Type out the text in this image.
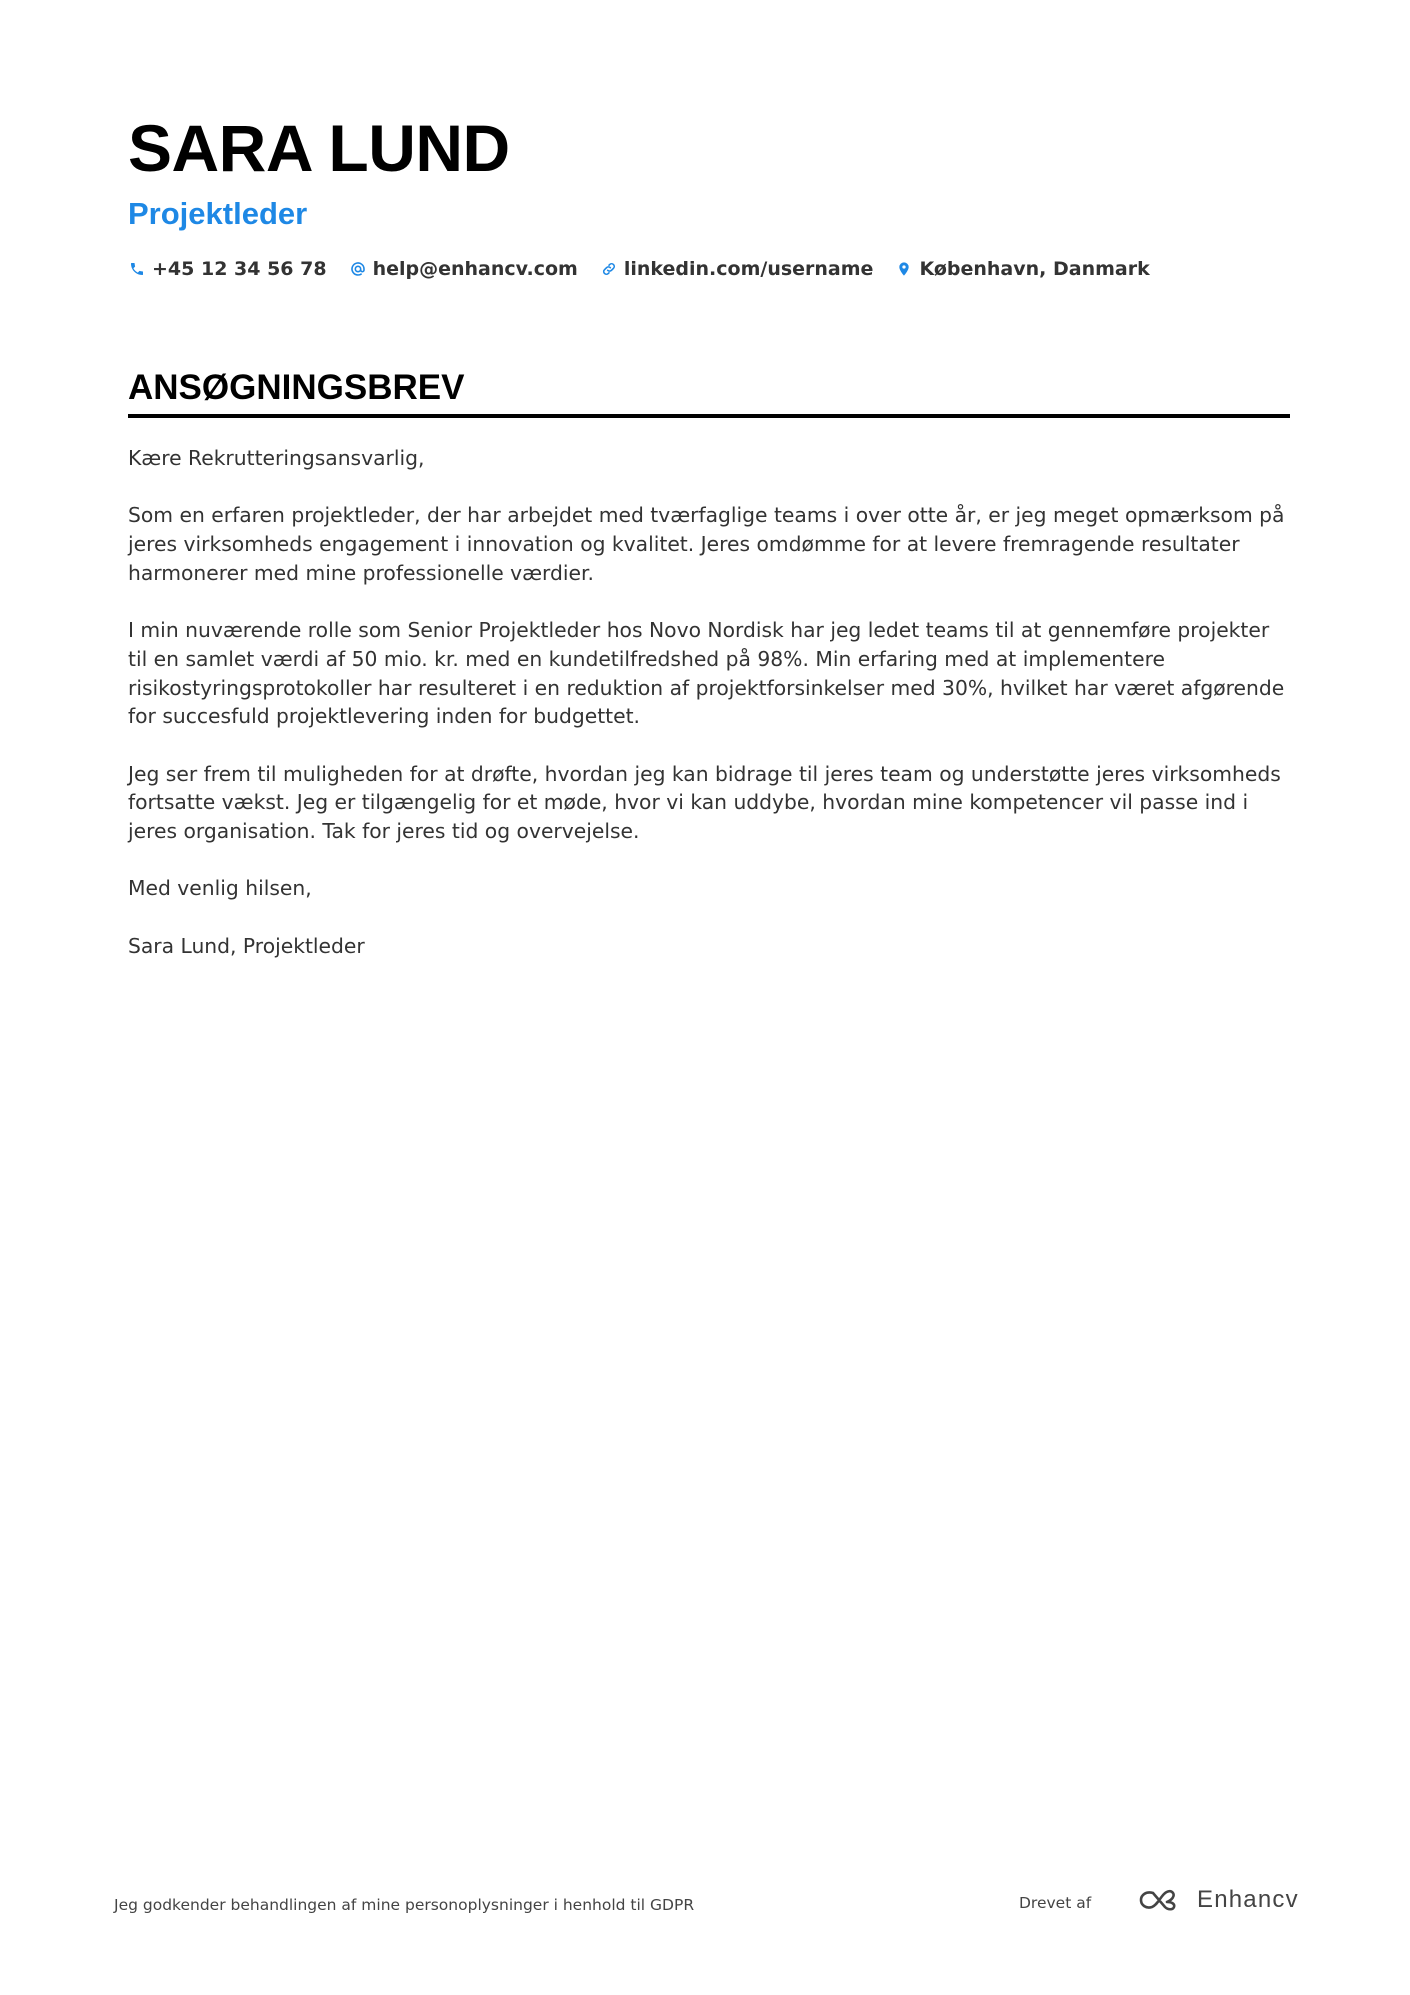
SARA LUND
Projektleder
+45 12 34 56 78 help@enhancv.com linkedin.com/username København, Danmark
ANSØGNINGSBREV

Kære Rekrutteringsansvarlig,

Som en erfaren projektleder, der har arbejdet med tværfaglige teams i over otte år, er jeg meget opmærksom på jeres virksomheds engagement i innovation og kvalitet. Jeres omdømme for at levere fremragende resultater harmonerer med mine professionelle værdier.

I min nuværende rolle som Senior Projektleder hos Novo Nordisk har jeg ledet teams til at gennemføre projekter til en samlet værdi af 50 mio. kr. med en kundetilfredshed på 98%. Min erfaring med at implementere risikostyringsprotokoller har resulteret i en reduktion af projektforsinkelser med 30%, hvilket har været afgørende for succesfuld projektlevering inden for budgettet.

Jeg ser frem til muligheden for at drøfte, hvordan jeg kan bidrage til jeres team og understøtte jeres virksomheds fortsatte vækst. Jeg er tilgængelig for et møde, hvor vi kan uddybe, hvordan mine kompetencer vil passe ind i jeres organisation. Tak for jeres tid og overvejelse.

Med venlig hilsen,

Sara Lund, Projektleder

Jeg godkender behandlingen af mine personoplysninger i henhold til GDPR	Drevet af	Enhancv
